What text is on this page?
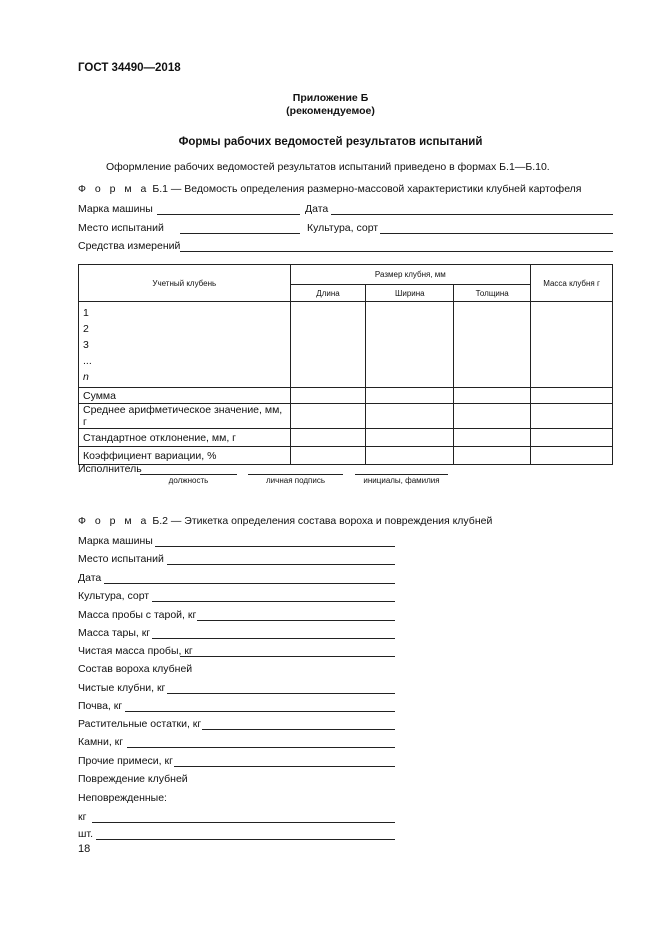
ГОСТ 34490—2018
Приложение Б
(рекомендуемое)
Формы рабочих ведомостей результатов испытаний
Оформление рабочих ведомостей результатов испытаний приведено в формах Б.1—Б.10.
Ф о р м а Б.1 — Ведомость определения размерно-массовой характеристики клубней картофеля
Марка машины	Дата
Место испытаний	Культура, сорт
Средства измерений
Учетный клубень	Размер клубня, мм			Масса клубня г
	Длина	Ширина	Толщина	

1
2
3
...
n				

Сумма				
Среднее арифметическое значение, мм, г				
Стандартное отклонение, мм, г				
Коэффициент вариации, %				
Исполнитель
должность	личная подпись	инициалы, фамилия
Ф о р м а Б.2 — Этикетка определения состава вороха и повреждения клубней
Марка машины
Место испытаний
Дата
Культура, сорт
Масса пробы с тарой, кг
Масса тары, кг
Чистая масса пробы, кг
Состав вороха клубней
Чистые клубни, кг
Почва, кг
Растительные остатки, кг
Камни, кг
Прочие примеси, кг
Повреждение клубней
Неповрежденные:
кг
шт.
18
